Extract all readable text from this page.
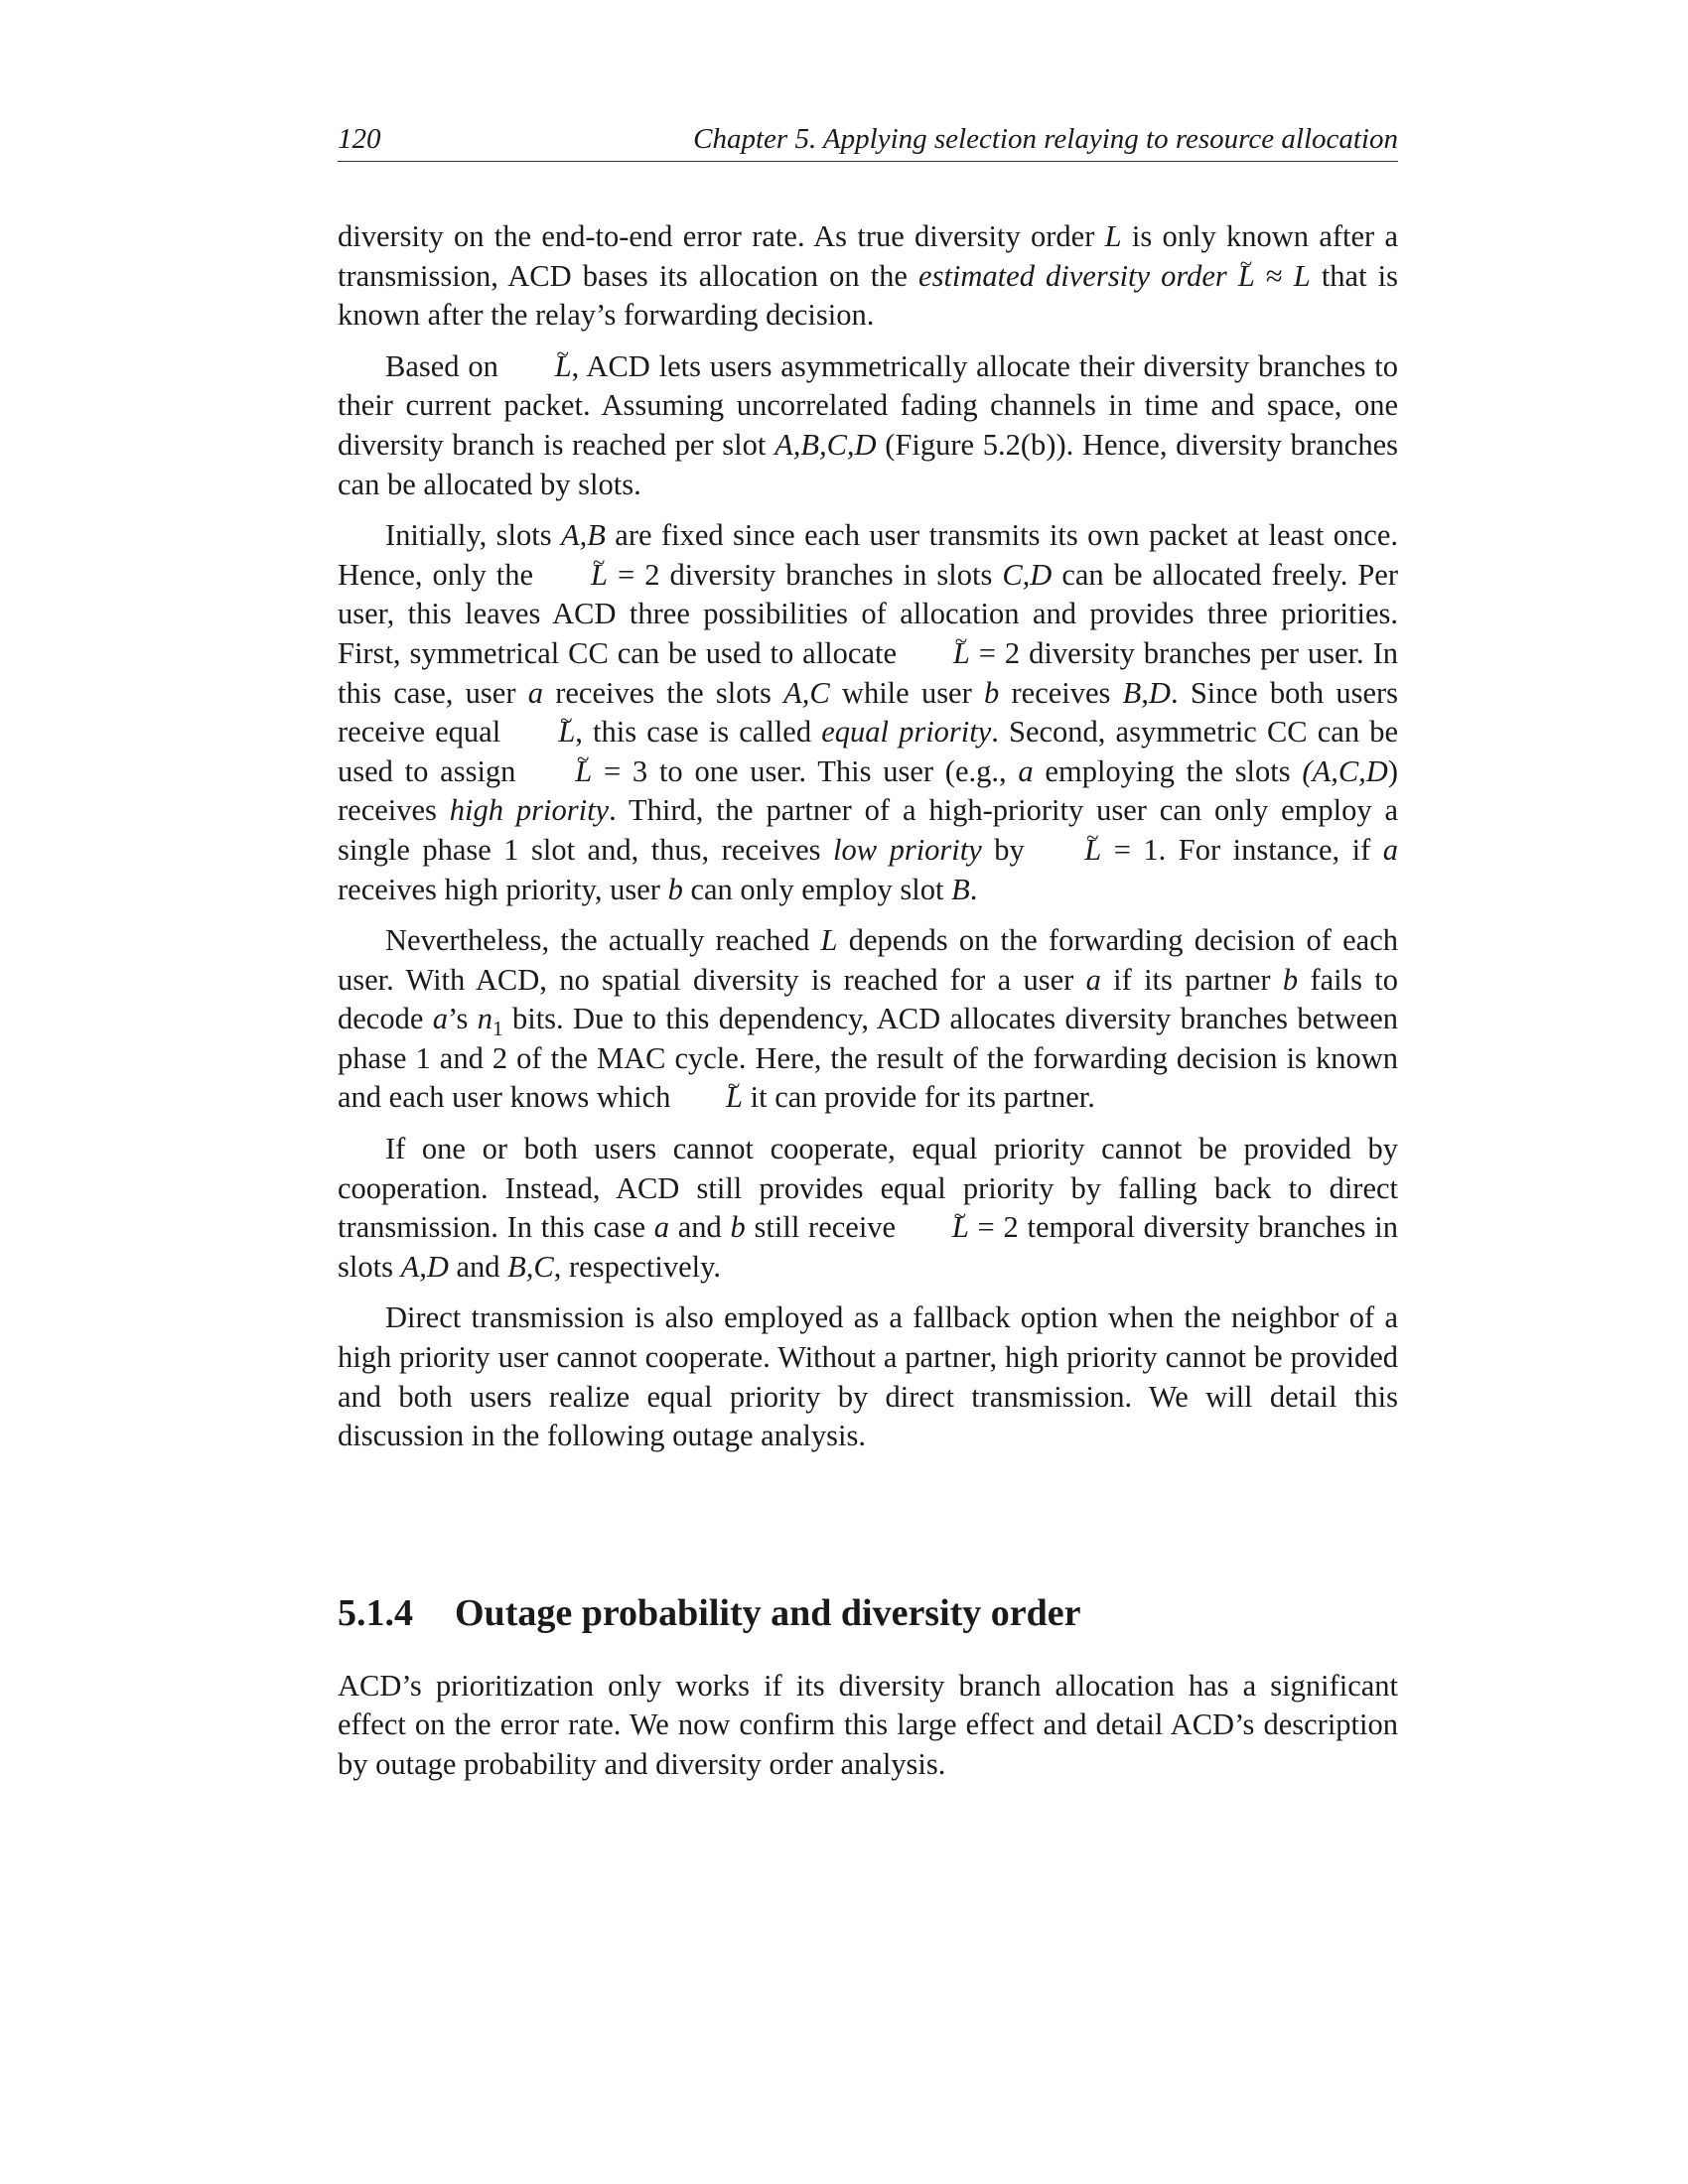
120	Chapter 5. Applying selection relaying to resource allocation

diversity on the end-to-end error rate. As true diversity order L is only known after a transmission, ACD bases its allocation on the estimated diversity order ~ L ≈ L that is known after the relay’s forwarding decision.

Based on ~ L, ACD lets users asymmetrically allocate their diversity branches to their current packet. Assuming uncorrelated fading channels in time and space, one diversity branch is reached per slot A,B,C,D (Figure 5.2(b)). Hence, diversity branches can be allocated by slots.

Initially, slots A,B are fixed since each user transmits its own packet at least once. Hence, only the ~ L = 2 diversity branches in slots C,D can be allocated freely. Per user, this leaves ACD three possibilities of allocation and provides three priorities. First, symmetrical CC can be used to allocate ~ L = 2 diversity branches per user. In this case, user a receives the slots A,C while user b receives B,D. Since both users receive equal ~ L, this case is called equal priority. Second, asymmetric CC can be used to assign ~ L = 3 to one user. This user (e.g., a employing the slots (A,C,D) receives high priority. Third, the partner of a high-priority user can only employ a single phase 1 slot and, thus, receives low priority by ~ L = 1. For instance, if a receives high priority, user b can only employ slot B.

Nevertheless, the actually reached L depends on the forwarding decision of each user. With ACD, no spatial diversity is reached for a user a if its partner b fails to decode a’s $n_1$ bits. Due to this dependency, ACD allocates diversity branches between phase 1 and 2 of the MAC cycle. Here, the result of the forwarding decision is known and each user knows which ~ L it can provide for its partner.

If one or both users cannot cooperate, equal priority cannot be provided by cooperation. Instead, ACD still provides equal priority by falling back to direct transmission. In this case a and b still receive ~ L = 2 temporal diversity branches in slots A,D and B,C, respectively.

Direct transmission is also employed as a fallback option when the neighbor of a high priority user cannot cooperate. Without a partner, high priority cannot be provided and both users realize equal priority by direct transmission. We will detail this discussion in the following outage analysis.

5.1.4	Outage probability and diversity order

ACD’s prioritization only works if its diversity branch allocation has a significant effect on the error rate. We now confirm this large effect and detail ACD’s description by outage probability and diversity order analysis.
